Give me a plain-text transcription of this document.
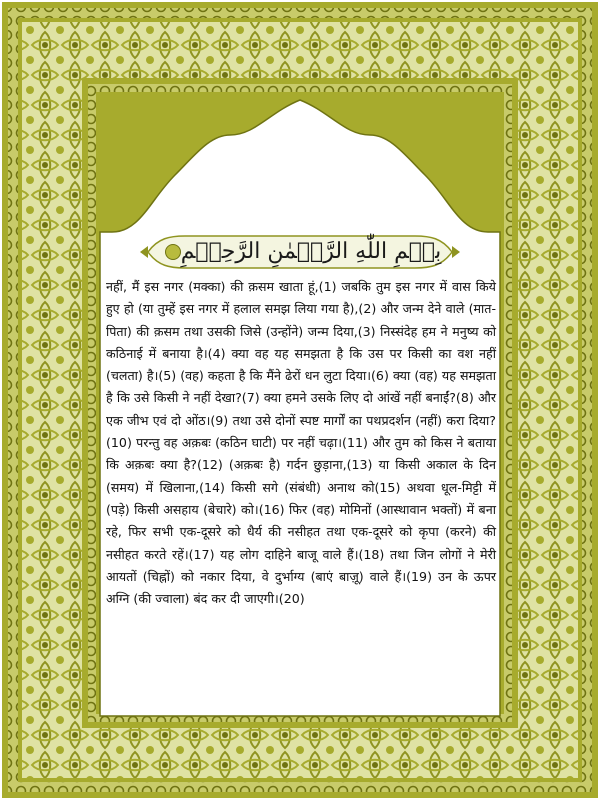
بِسۡمِ اللّٰهِ الرَّحۡمٰنِ الرَّحِيۡمِ
नहीं, मैं इस नगर (मक्का) की क़सम खाता हूं,(1) जबकि तुम इस नगर में वास किये हुए हो (या तुम्हें इस नगर में हलाल समझ लिया गया है),(2) और जन्म देने वाले (मात-पिता) की क़सम तथा उसकी जिसे (उन्होंने) जन्म दिया,(3) निस्संदेह हम ने मनुष्य को कठिनाई में बनाया है।(4) क्या वह यह समझता है कि उस पर किसी का वश नहीं (चलता) है।(5) (वह) कहता है कि मैंने ढेरों धन लुटा दिया।(6) क्या (वह) यह समझता है कि उसे किसी ने नहीं देखा?(7) क्या हमने उसके लिए दो आंखें नहीं बनाईं?(8) और एक जीभ एवं दो ओंठ।(9) तथा उसे दोनों स्पष्ट मार्गों का पथप्रदर्शन (नहीं) करा दिया?(10) परन्तु वह अक़बः (कठिन घाटी) पर नहीं चढ़ा।(11) और तुम को किस ने बताया कि अक़बः क्या है?(12) (अक़बः है) गर्दन छुड़ाना,(13) या किसी अकाल के दिन (समय) में खिलाना,(14) किसी सगे (संबंधी) अनाथ को(15) अथवा धूल-मिट्टी में (पड़े) किसी असहाय (बेचारे) को।(16) फिर (वह) मोमिनों (आस्थावान भक्तों) में बना रहे, फिर सभी एक-दूसरे को धैर्य की नसीहत तथा एक-दूसरे को कृपा (करने) की नसीहत करते रहें।(17) यह लोग दाहिने बाजू वाले हैं।(18) तथा जिन लोगों ने मेरी आयतों (चिह्नों) को नकार दिया, वे दुर्भाग्य (बाएं बाज़ू) वाले हैं।(19) उन के ऊपर अग्नि (की ज्वाला) बंद कर दी जाएगी।(20)
